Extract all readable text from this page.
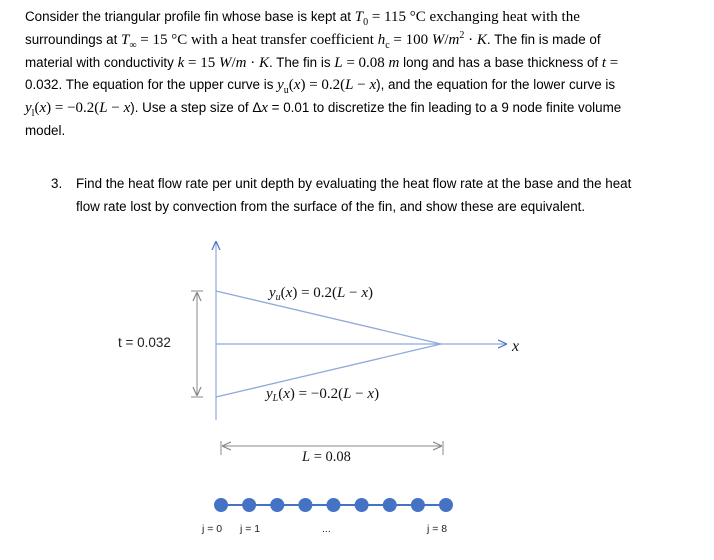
Consider the triangular profile fin whose base is kept at $T_0 = 115$ °C exchanging heat with the
surroundings at $T_\infty = 15$ °C with a heat transfer coefficient $h_c = 100$ $W/m^2 \cdot K$. The fin is made of
material with conductivity k = 15 W/m · K. The fin is L = 0.08 m long and has a base thickness of t =
0.032. The equation for the upper curve is $y_u(x) = 0.2(L - x)$, and the equation for the lower curve is
$y_l(x) = -0.2(L - x)$. Use a step size of Δx = 0.01 to discretize the fin leading to a 9 node finite volume
model.
3. Find the heat flow rate per unit depth by evaluating the heat flow rate at the base and the heat
flow rate lost by convection from the surface of the fin, and show these are equivalent.
t = 0.032
$y_u(x) = 0.2(L - x)$
$y_L(x) = -0.2(L - x)$
L = 0.08
x
j = 0 j = 1	...	j = 8
